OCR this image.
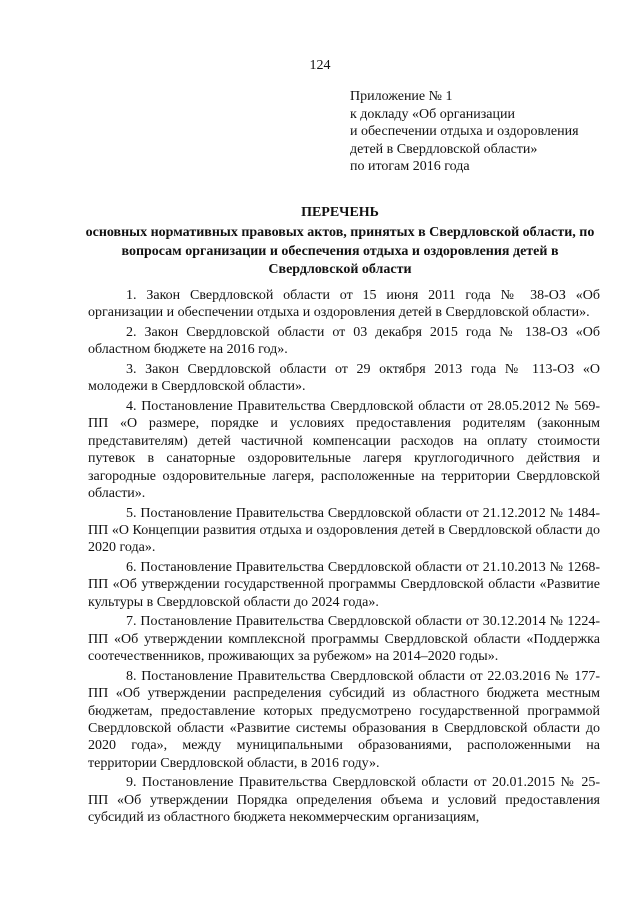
124
Приложение № 1
к докладу «Об организации
и обеспечении отдыха и оздоровления
детей в Свердловской области»
по итогам 2016 года
ПЕРЕЧЕНЬ
основных нормативных правовых актов, принятых в Свердловской области, по вопросам организации и обеспечения отдыха и оздоровления детей в Свердловской области

1. Закон Свердловской области от 15 июня 2011 года № 38-ОЗ «Об организации и обеспечении отдыха и оздоровления детей в Свердловской области».

2. Закон Свердловской области от 03 декабря 2015 года № 138-ОЗ «Об областном бюджете на 2016 год».

3. Закон Свердловской области от 29 октября 2013 года № 113-ОЗ «О молодежи в Свердловской области».

4. Постановление Правительства Свердловской области от 28.05.2012 № 569-ПП «О размере, порядке и условиях предоставления родителям (законным представителям) детей частичной компенсации расходов на оплату стоимости путевок в санаторные оздоровительные лагеря круглогодичного действия и загородные оздоровительные лагеря, расположенные на территории Свердловской области».

5. Постановление Правительства Свердловской области от 21.12.2012 № 1484-ПП «О Концепции развития отдыха и оздоровления детей в Свердловской области до 2020 года».

6. Постановление Правительства Свердловской области от 21.10.2013 № 1268-ПП «Об утверждении государственной программы Свердловской области «Развитие культуры в Свердловской области до 2024 года».

7. Постановление Правительства Свердловской области от 30.12.2014 № 1224-ПП «Об утверждении комплексной программы Свердловской области «Поддержка соотечественников, проживающих за рубежом» на 2014–2020 годы».

8. Постановление Правительства Свердловской области от 22.03.2016 № 177-ПП «Об утверждении распределения субсидий из областного бюджета местным бюджетам, предоставление которых предусмотрено государственной программой Свердловской области «Развитие системы образования в Свердловской области до 2020 года», между муниципальными образованиями, расположенными на территории Свердловской области, в 2016 году».

9. Постановление Правительства Свердловской области от 20.01.2015 № 25-ПП «Об утверждении Порядка определения объема и условий предоставления субсидий из областного бюджета некоммерческим организациям,
